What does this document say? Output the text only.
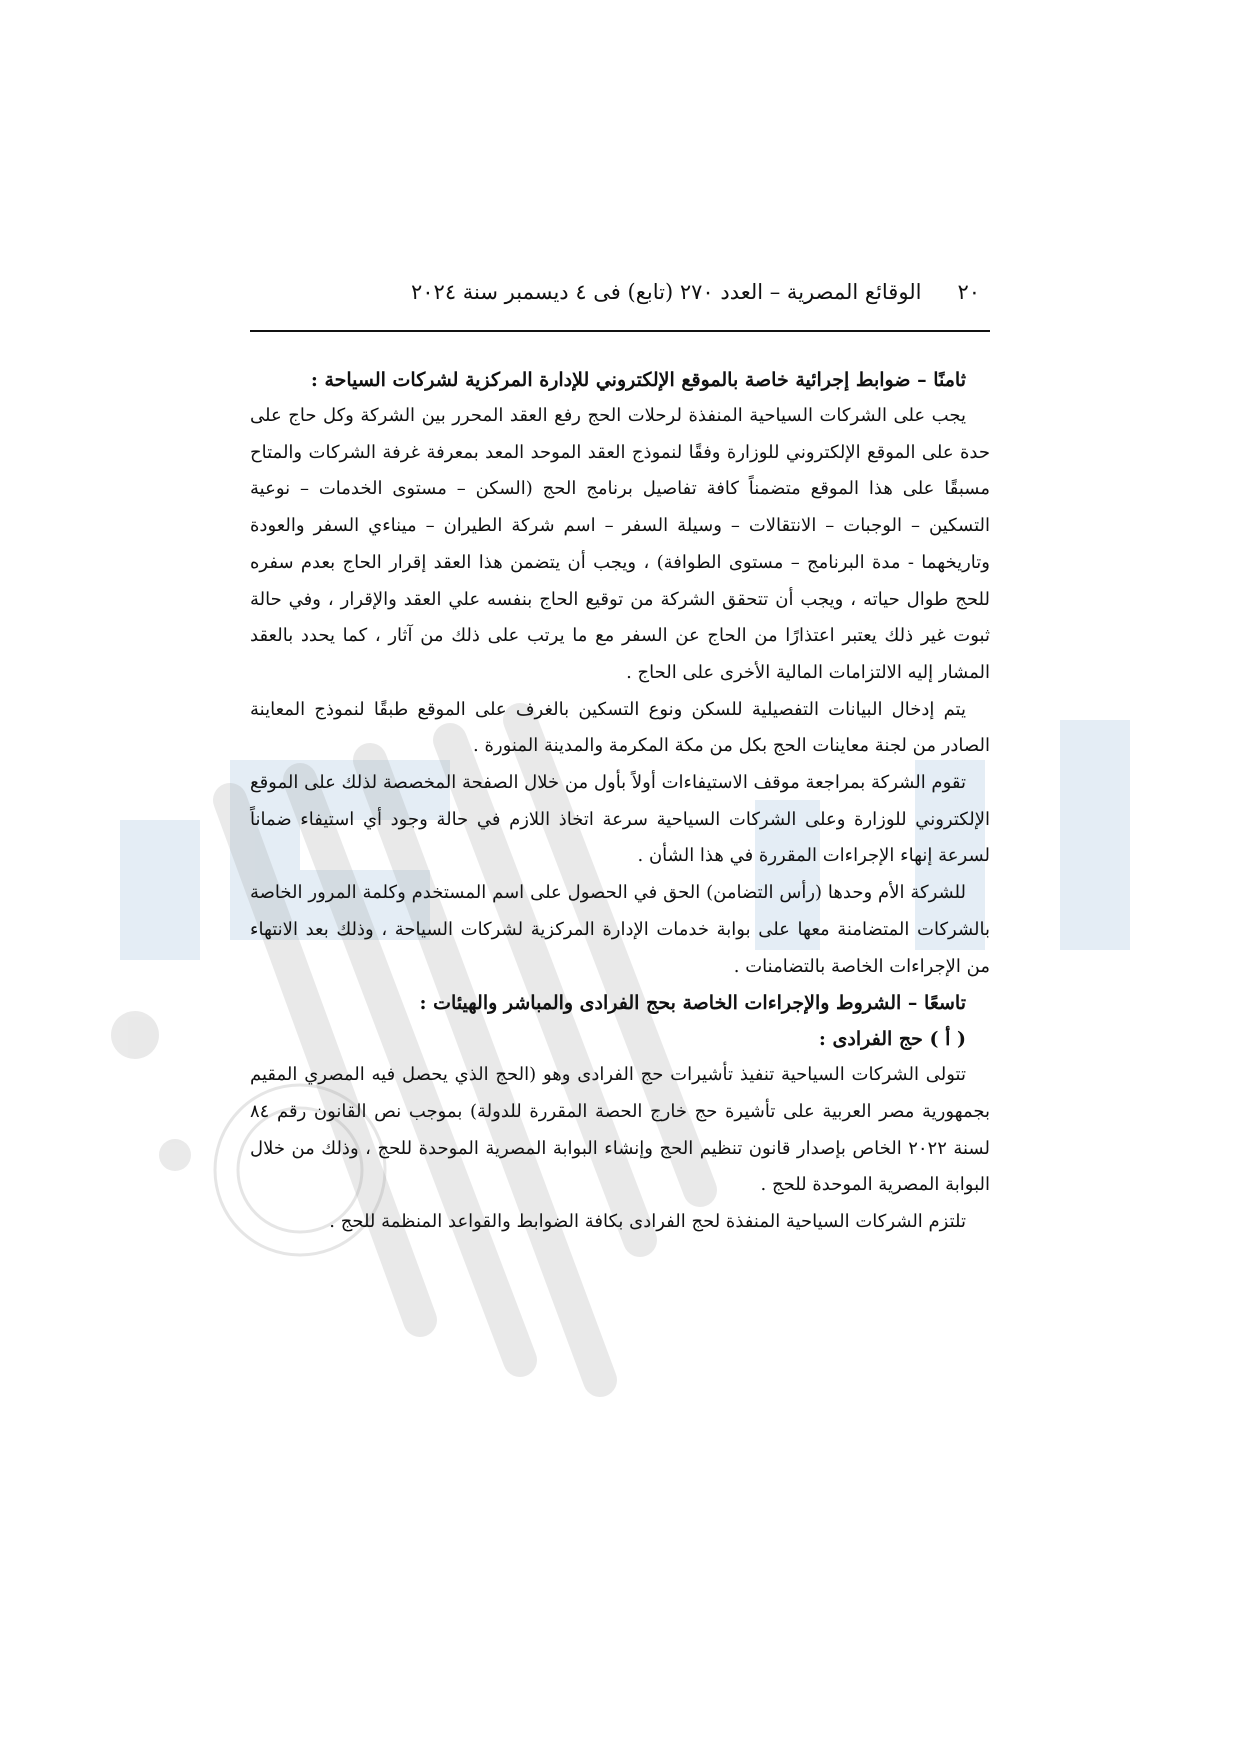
٢٠
الوقائع المصرية – العدد ٢٧٠ (تابع) فى ٤ ديسمبر سنة ٢٠٢٤

ثامنًا – ضوابط إجرائية خاصة بالموقع الإلكتروني للإدارة المركزية لشركات السياحة :

يجب على الشركات السياحية المنفذة لرحلات الحج رفع العقد المحرر بين الشركة وكل حاج على حدة على الموقع الإلكتروني للوزارة وفقًا لنموذج العقد الموحد المعد بمعرفة غرفة الشركات والمتاح مسبقًا على هذا الموقع متضمناً كافة تفاصيل برنامج الحج (السكن – مستوى الخدمات – نوعية التسكين – الوجبات – الانتقالات – وسيلة السفر – اسم شركة الطيران – ميناءي السفر والعودة وتاريخهما - مدة البرنامج – مستوى الطوافة) ، ويجب أن يتضمن هذا العقد إقرار الحاج بعدم سفره للحج طوال حياته ، ويجب أن تتحقق الشركة من توقيع الحاج بنفسه علي العقد والإقرار ، وفي حالة ثبوت غير ذلك يعتبر اعتذارًا من الحاج عن السفر مع ما يرتب على ذلك من آثار ، كما يحدد بالعقد المشار إليه الالتزامات المالية الأخرى على الحاج .

يتم إدخال البيانات التفصيلية للسكن ونوع التسكين بالغرف على الموقع طبقًا لنموذج المعاينة الصادر من لجنة معاينات الحج بكل من مكة المكرمة والمدينة المنورة .

تقوم الشركة بمراجعة موقف الاستيفاءات أولاً بأول من خلال الصفحة المخصصة لذلك على الموقع الإلكتروني للوزارة وعلى الشركات السياحية سرعة اتخاذ اللازم في حالة وجود أي استيفاء ضماناً لسرعة إنهاء الإجراءات المقررة في هذا الشأن .

للشركة الأم وحدها (رأس التضامن) الحق في الحصول على اسم المستخدم وكلمة المرور الخاصة بالشركات المتضامنة معها على بوابة خدمات الإدارة المركزية لشركات السياحة ، وذلك بعد الانتهاء من الإجراءات الخاصة بالتضامنات .

تاسعًا – الشروط والإجراءات الخاصة بحج الفرادى والمباشر والهيئات :

( أ ) حج الفرادى :

تتولى الشركات السياحية تنفيذ تأشيرات حج الفرادى وهو (الحج الذي يحصل فيه المصري المقيم بجمهورية مصر العربية على تأشيرة حج خارج الحصة المقررة للدولة) بموجب نص القانون رقم ٨٤ لسنة ٢٠٢٢ الخاص بإصدار قانون تنظيم الحج وإنشاء البوابة المصرية الموحدة للحج ، وذلك من خلال البوابة المصرية الموحدة للحج .

تلتزم الشركات السياحية المنفذة لحج الفرادى بكافة الضوابط والقواعد المنظمة للحج .
